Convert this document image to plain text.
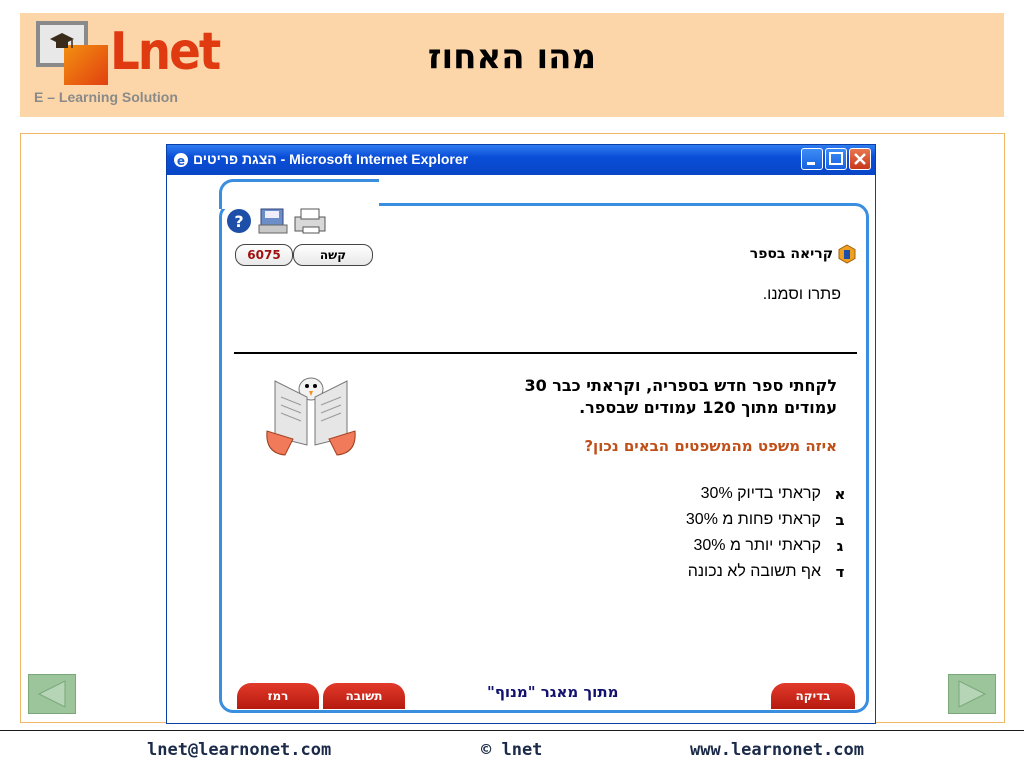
Lnet
E – Learning Solution
מהו האחוז
e הצגת פריטים - Microsoft Internet Explorer
?
6075	קשה	קריאה בספר
פתרו וסמנו.
לקחתי ספר חדש בספריה, וקראתי כבר 30 עמודים מתוך 120 עמודים שבספר.
איזה משפט מהמשפטים הבאים נכון?
א
קראתי בדיוק 30%
ב
קראתי פחות מ 30%
ג
קראתי יותר מ 30%
ד
אף תשובה לא נכונה
רמז	תשובה	מתוך מאגר "מנוף"	בדיקה
lnet@learnonet.com	© lnet	www.learnonet.com
